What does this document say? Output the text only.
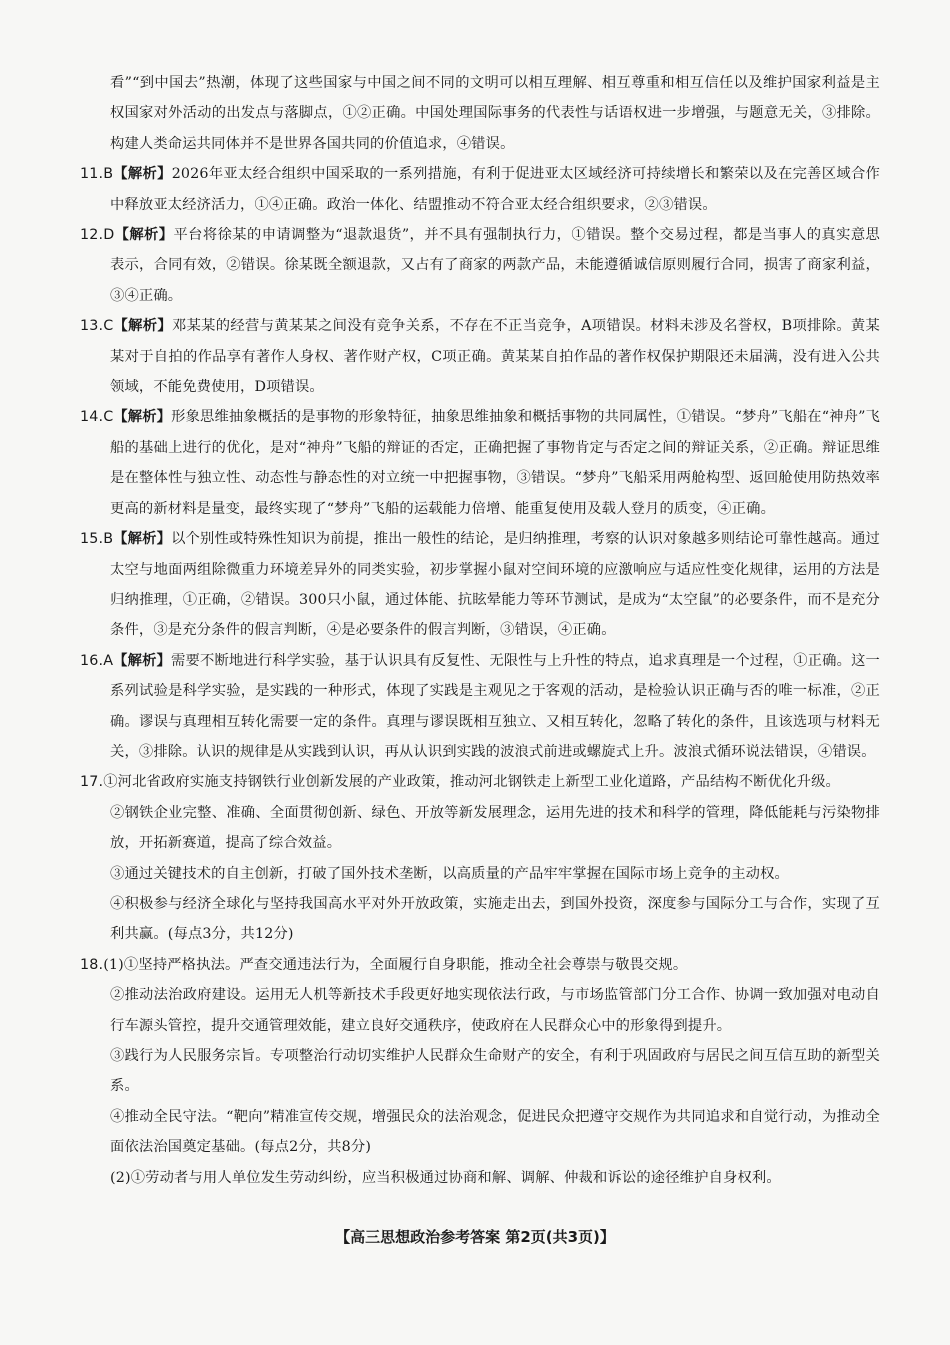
看”“到中国去”热潮，体现了这些国家与中国之间不同的文明可以相互理解、相互尊重和相互信任以及维护国家利益是主权国家对外活动的出发点与落脚点，①②正确。中国处理国际事务的代表性与话语权进一步增强，与题意无关，③排除。构建人类命运共同体并不是世界各国共同的价值追求，④错误。

11.B【解析】2026年亚太经合组织中国采取的一系列措施，有利于促进亚太区域经济可持续增长和繁荣以及在完善区域合作中释放亚太经济活力，①④正确。政治一体化、结盟推动不符合亚太经合组织要求，②③错误。

12.D【解析】平台将徐某的申请调整为“退款退货”，并不具有强制执行力，①错误。整个交易过程，都是当事人的真实意思表示，合同有效，②错误。徐某既全额退款，又占有了商家的两款产品，未能遵循诚信原则履行合同，损害了商家利益，③④正确。

13.C【解析】邓某某的经营与黄某某之间没有竞争关系，不存在不正当竞争，A项错误。材料未涉及名誉权，B项排除。黄某某对于自拍的作品享有著作人身权、著作财产权，C项正确。黄某某自拍作品的著作权保护期限还未届满，没有进入公共领域，不能免费使用，D项错误。

14.C【解析】形象思维抽象概括的是事物的形象特征，抽象思维抽象和概括事物的共同属性，①错误。“梦舟”飞船在“神舟”飞船的基础上进行的优化，是对“神舟”飞船的辩证的否定，正确把握了事物肯定与否定之间的辩证关系，②正确。辩证思维是在整体性与独立性、动态性与静态性的对立统一中把握事物，③错误。“梦舟”飞船采用两舱构型、返回舱使用防热效率更高的新材料是量变，最终实现了“梦舟”飞船的运载能力倍增、能重复使用及载人登月的质变，④正确。

15.B【解析】以个别性或特殊性知识为前提，推出一般性的结论，是归纳推理，考察的认识对象越多则结论可靠性越高。通过太空与地面两组除微重力环境差异外的同类实验，初步掌握小鼠对空间环境的应激响应与适应性变化规律，运用的方法是归纳推理，①正确，②错误。300只小鼠，通过体能、抗眩晕能力等环节测试，是成为“太空鼠”的必要条件，而不是充分条件，③是充分条件的假言判断，④是必要条件的假言判断，③错误，④正确。

16.A【解析】需要不断地进行科学实验，基于认识具有反复性、无限性与上升性的特点，追求真理是一个过程，①正确。这一系列试验是科学实验，是实践的一种形式，体现了实践是主观见之于客观的活动，是检验认识正确与否的唯一标准，②正确。谬误与真理相互转化需要一定的条件。真理与谬误既相互独立、又相互转化，忽略了转化的条件，且该选项与材料无关，③排除。认识的规律是从实践到认识，再从认识到实践的波浪式前进或螺旋式上升。波浪式循环说法错误，④错误。

17.①河北省政府实施支持钢铁行业创新发展的产业政策，推动河北钢铁走上新型工业化道路，产品结构不断优化升级。

②钢铁企业完整、准确、全面贯彻创新、绿色、开放等新发展理念，运用先进的技术和科学的管理，降低能耗与污染物排放，开拓新赛道，提高了综合效益。

③通过关键技术的自主创新，打破了国外技术垄断，以高质量的产品牢牢掌握在国际市场上竞争的主动权。

④积极参与经济全球化与坚持我国高水平对外开放政策，实施走出去，到国外投资，深度参与国际分工与合作，实现了互利共赢。(每点3分，共12分)

18.(1)①坚持严格执法。严查交通违法行为，全面履行自身职能，推动全社会尊崇与敬畏交规。

②推动法治政府建设。运用无人机等新技术手段更好地实现依法行政，与市场监管部门分工合作、协调一致加强对电动自行车源头管控，提升交通管理效能，建立良好交通秩序，使政府在人民群众心中的形象得到提升。

③践行为人民服务宗旨。专项整治行动切实维护人民群众生命财产的安全，有利于巩固政府与居民之间互信互助的新型关系。

④推动全民守法。“靶向”精准宣传交规，增强民众的法治观念，促进民众把遵守交规作为共同追求和自觉行动，为推动全面依法治国奠定基础。(每点2分，共8分)

(2)①劳动者与用人单位发生劳动纠纷，应当积极通过协商和解、调解、仲裁和诉讼的途径维护自身权利。

【高三思想政治参考答案 第2页(共3页)】
